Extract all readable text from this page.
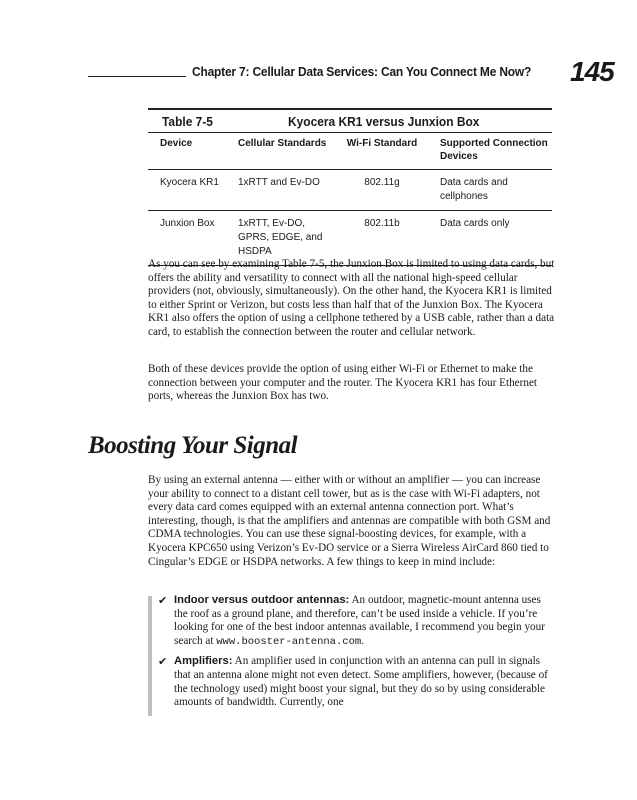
Chapter 7: Cellular Data Services: Can You Connect Me Now? 145
Table 7-5	Kyocera KR1 versus Junxion Box
Device	Cellular Standards	Wi-Fi Standard	Supported Connection Devices
Kyocera KR1	1xRTT and Ev-DO	802.11g	Data cards and cellphones
Junxion Box	1xRTT, Ev-DO, GPRS, EDGE, and HSDPA	802.11b	Data cards only
As you can see by examining Table 7-5, the Junxion Box is limited to using data cards, but offers the ability and versatility to connect with all the national high-speed cellular providers (not, obviously, simultaneously). On the other hand, the Kyocera KR1 is limited to either Sprint or Verizon, but costs less than half that of the Junxion Box. The Kyocera KR1 also offers the option of using a cellphone tethered by a USB cable, rather than a data card, to establish the connection between the router and cellular network.
Both of these devices provide the option of using either Wi-Fi or Ethernet to make the connection between your computer and the router. The Kyocera KR1 has four Ethernet ports, whereas the Junxion Box has two.
Boosting Your Signal
By using an external antenna — either with or without an amplifier — you can increase your ability to connect to a distant cell tower, but as is the case with Wi-Fi adapters, not every data card comes equipped with an external antenna connection port. What’s interesting, though, is that the amplifiers and antennas are compatible with both GSM and CDMA technologies. You can use these signal-boosting devices, for example, with a Kyocera KPC650 using Verizon’s Ev-DO service or a Sierra Wireless AirCard 860 tied to Cingular’s EDGE or HSDPA networks. A few things to keep in mind include:
✔ Indoor versus outdoor antennas: An outdoor, magnetic-mount antenna uses the roof as a ground plane, and therefore, can’t be used inside a vehicle. If you’re looking for one of the best indoor antennas available, I recommend you begin your search at www.booster-antenna.com.
✔ Amplifiers: An amplifier used in conjunction with an antenna can pull in signals that an antenna alone might not even detect. Some amplifiers, however, (because of the technology used) might boost your signal, but they do so by using considerable amounts of bandwidth. Currently, one
